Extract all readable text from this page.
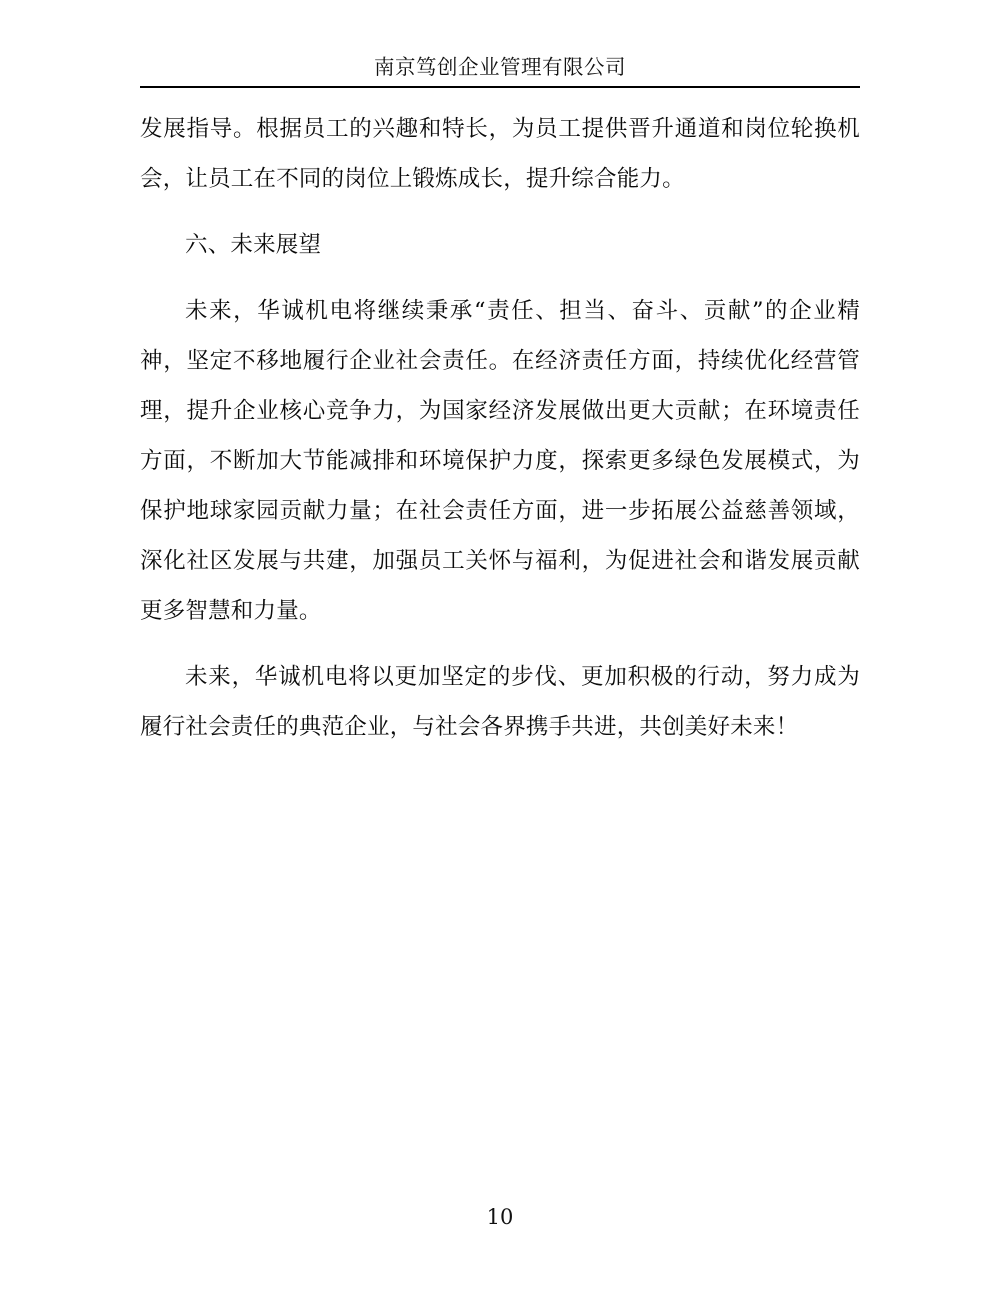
南京笃创企业管理有限公司

发展指导。根据员工的兴趣和特长，为员工提供晋升通道和岗位轮换机会，让员工在不同的岗位上锻炼成长，提升综合能力。

六、未来展望

未来，华诚机电将继续秉承“责任、担当、奋斗、贡献”的企业精神，坚定不移地履行企业社会责任。在经济责任方面，持续优化经营管理，提升企业核心竞争力，为国家经济发展做出更大贡献；在环境责任方面，不断加大节能减排和环境保护力度，探索更多绿色发展模式，为保护地球家园贡献力量；在社会责任方面，进一步拓展公益慈善领域，深化社区发展与共建，加强员工关怀与福利，为促进社会和谐发展贡献更多智慧和力量。

未来，华诚机电将以更加坚定的步伐、更加积极的行动，努力成为履行社会责任的典范企业，与社会各界携手共进，共创美好未来！

10
